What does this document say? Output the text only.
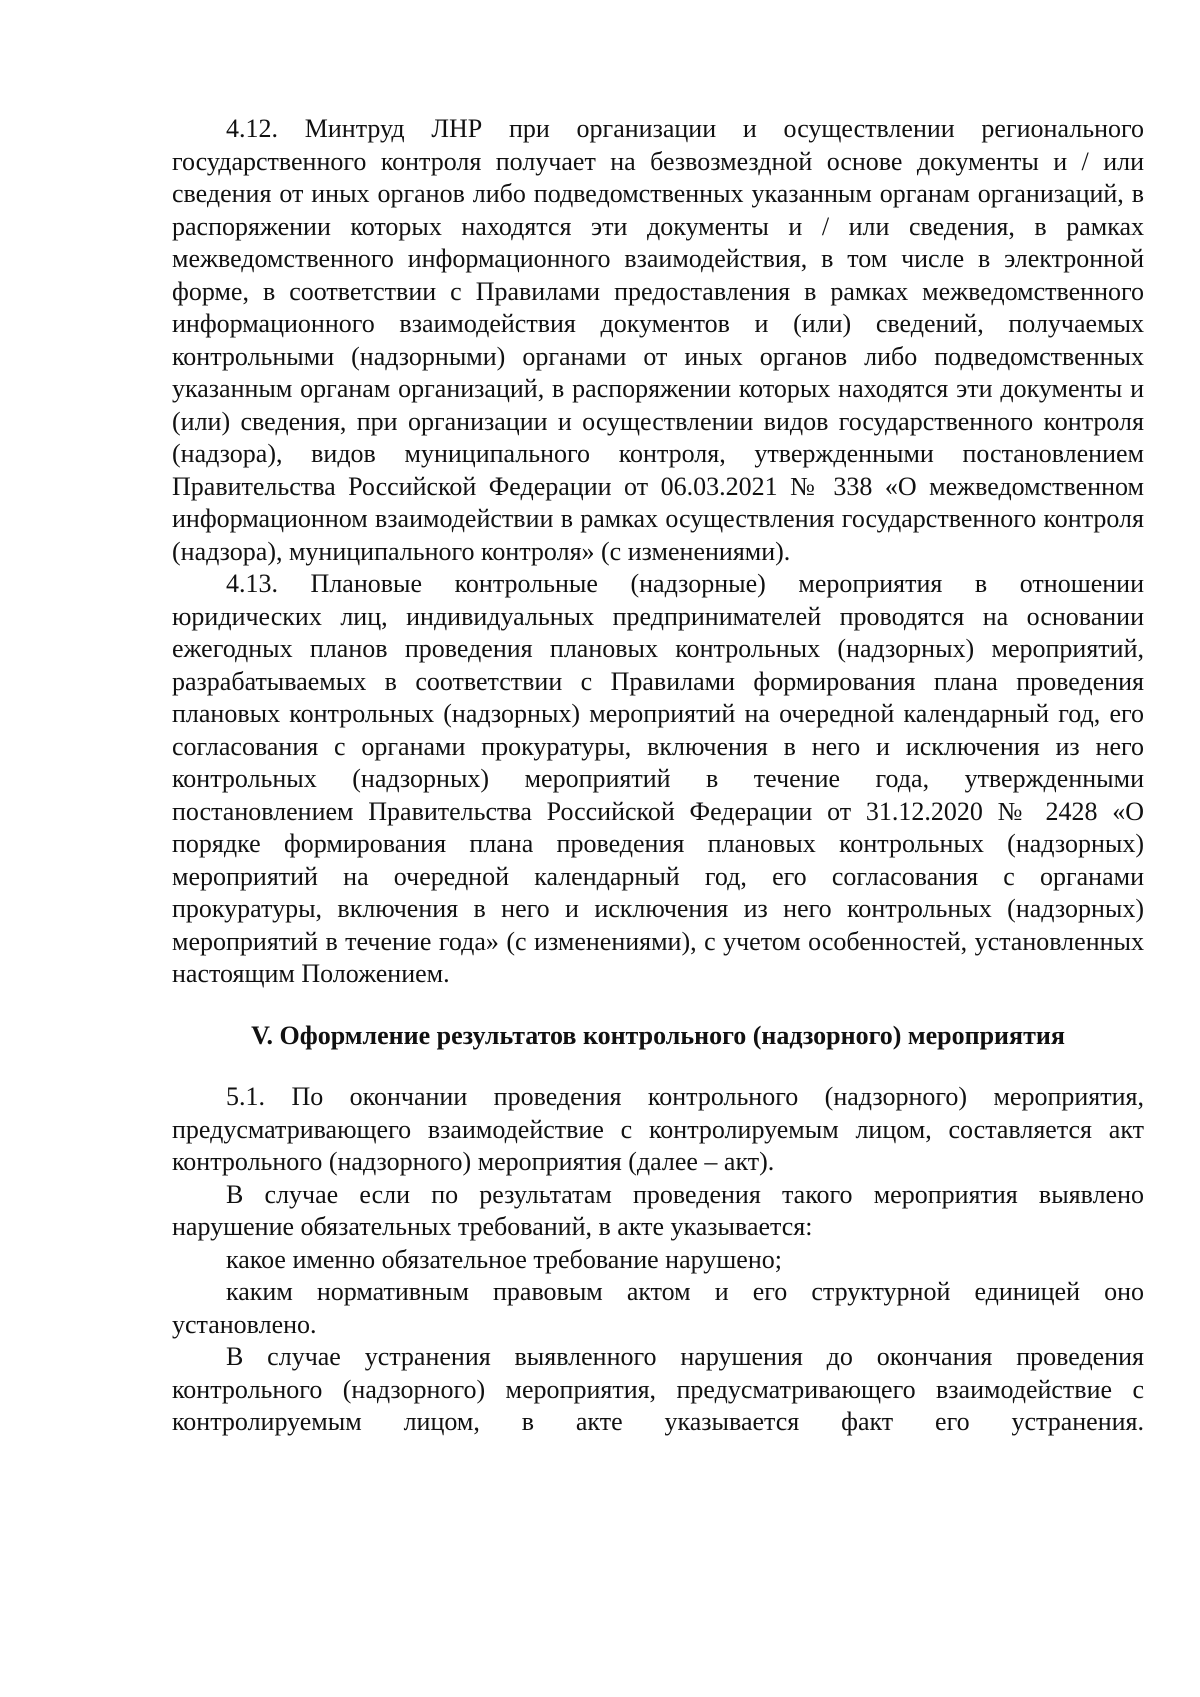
4.12. Минтруд ЛНР при организации и осуществлении регионального государственного контроля получает на безвозмездной основе документы и / или сведения от иных органов либо подведомственных указанным органам организаций, в распоряжении которых находятся эти документы и / или сведения, в рамках межведомственного информационного взаимодействия, в том числе в электронной форме, в соответствии с Правилами предоставления в рамках межведомственного информационного взаимодействия документов и (или) сведений, получаемых контрольными (надзорными) органами от иных органов либо подведомственных указанным органам организаций, в распоряжении которых находятся эти документы и (или) сведения, при организации и осуществлении видов государственного контроля (надзора), видов муниципального контроля, утвержденными постановлением Правительства Российской Федерации от 06.03.2021 № 338 «О межведомственном информационном взаимодействии в рамках осуществления государственного контроля (надзора), муниципального контроля» (с изменениями).

4.13. Плановые контрольные (надзорные) мероприятия в отношении юридических лиц, индивидуальных предпринимателей проводятся на основании ежегодных планов проведения плановых контрольных (надзорных) мероприятий, разрабатываемых в соответствии с Правилами формирования плана проведения плановых контрольных (надзорных) мероприятий на очередной календарный год, его согласования с органами прокуратуры, включения в него и исключения из него контрольных (надзорных) мероприятий в течение года, утвержденными постановлением Правительства Российской Федерации от 31.12.2020 № 2428 «О порядке формирования плана проведения плановых контрольных (надзорных) мероприятий на очередной календарный год, его согласования с органами прокуратуры, включения в него и исключения из него контрольных (надзорных) мероприятий в течение года» (с изменениями), с учетом особенностей, установленных настоящим Положением.

V. Оформление результатов контрольного (надзорного) мероприятия

5.1. По окончании проведения контрольного (надзорного) мероприятия, предусматривающего взаимодействие с контролируемым лицом, составляется акт контрольного (надзорного) мероприятия (далее – акт).

В случае если по результатам проведения такого мероприятия выявлено нарушение обязательных требований, в акте указывается:

какое именно обязательное требование нарушено;

каким нормативным правовым актом и его структурной единицей оно установлено.

В случае устранения выявленного нарушения до окончания проведения контрольного (надзорного) мероприятия, предусматривающего взаимодействие с контролируемым лицом, в акте указывается факт его устранения.
